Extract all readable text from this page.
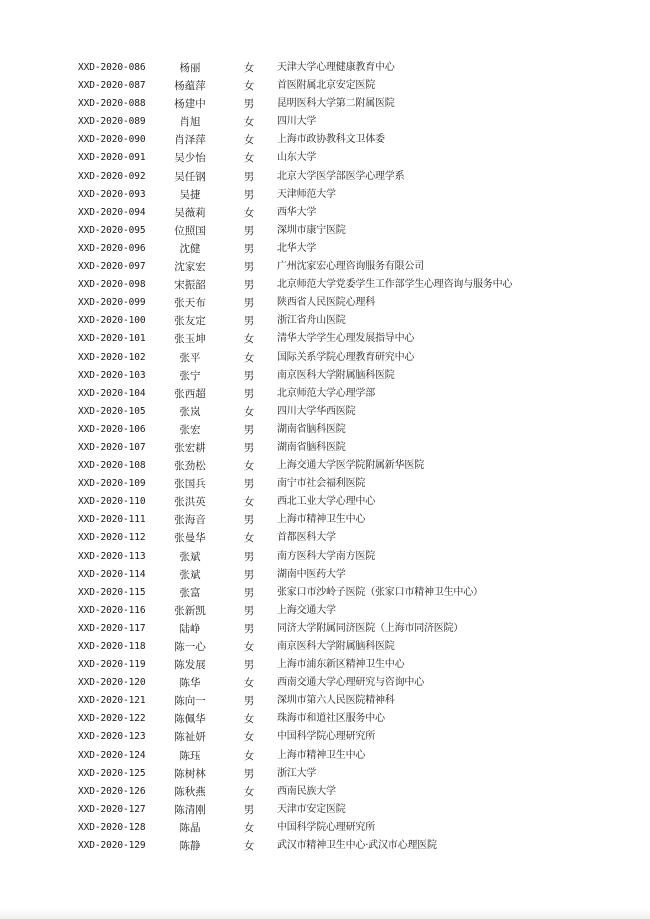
XXD-2020-086	杨丽	女	天津大学心理健康教育中心
XXD-2020-087	杨蕴萍	女	首医附属北京安定医院
XXD-2020-088	杨建中	男	昆明医科大学第二附属医院
XXD-2020-089	肖旭	女	四川大学
XXD-2020-090	肖泽萍	女	上海市政协教科文卫体委
XXD-2020-091	吴少怡	女	山东大学
XXD-2020-092	吴任钢	男	北京大学医学部医学心理学系
XXD-2020-093	吴捷	男	天津师范大学
XXD-2020-094	吴薇莉	女	西华大学
XXD-2020-095	位照国	男	深圳市康宁医院
XXD-2020-096	沈健	男	北华大学
XXD-2020-097	沈家宏	男	广州沈家宏心理咨询服务有限公司
XXD-2020-098	宋振韶	男	北京师范大学党委学生工作部学生心理咨询与服务中心
XXD-2020-099	张天布	男	陕西省人民医院心理科
XXD-2020-100	张友定	男	浙江省舟山医院
XXD-2020-101	张玉坤	女	清华大学学生心理发展指导中心
XXD-2020-102	张平	女	国际关系学院心理教育研究中心
XXD-2020-103	张宁	男	南京医科大学附属脑科医院
XXD-2020-104	张西超	男	北京师范大学心理学部
XXD-2020-105	张岚	女	四川大学华西医院
XXD-2020-106	张宏	男	湖南省脑科医院
XXD-2020-107	张宏耕	男	湖南省脑科医院
XXD-2020-108	张劲松	女	上海交通大学医学院附属新华医院
XXD-2020-109	张国兵	男	南宁市社会福利医院
XXD-2020-110	张洪英	女	西北工业大学心理中心
XXD-2020-111	张海音	男	上海市精神卫生中心
XXD-2020-112	张曼华	女	首都医科大学
XXD-2020-113	张斌	男	南方医科大学南方医院
XXD-2020-114	张斌	男	湖南中医药大学
XXD-2020-115	张富	男	张家口市沙岭子医院（张家口市精神卫生中心）
XXD-2020-116	张新凯	男	上海交通大学
XXD-2020-117	陆峥	男	同济大学附属同济医院（上海市同济医院）
XXD-2020-118	陈一心	女	南京医科大学附属脑科医院
XXD-2020-119	陈发展	男	上海市浦东新区精神卫生中心
XXD-2020-120	陈华	女	西南交通大学心理研究与咨询中心
XXD-2020-121	陈向一	男	深圳市第六人民医院精神科
XXD-2020-122	陈佩华	女	珠海市和道社区服务中心
XXD-2020-123	陈祉妍	女	中国科学院心理研究所
XXD-2020-124	陈珏	女	上海市精神卫生中心
XXD-2020-125	陈树林	男	浙江大学
XXD-2020-126	陈秋燕	女	西南民族大学
XXD-2020-127	陈清刚	男	天津市安定医院
XXD-2020-128	陈晶	女	中国科学院心理研究所
XXD-2020-129	陈静	女	武汉市精神卫生中心·武汉市心理医院
